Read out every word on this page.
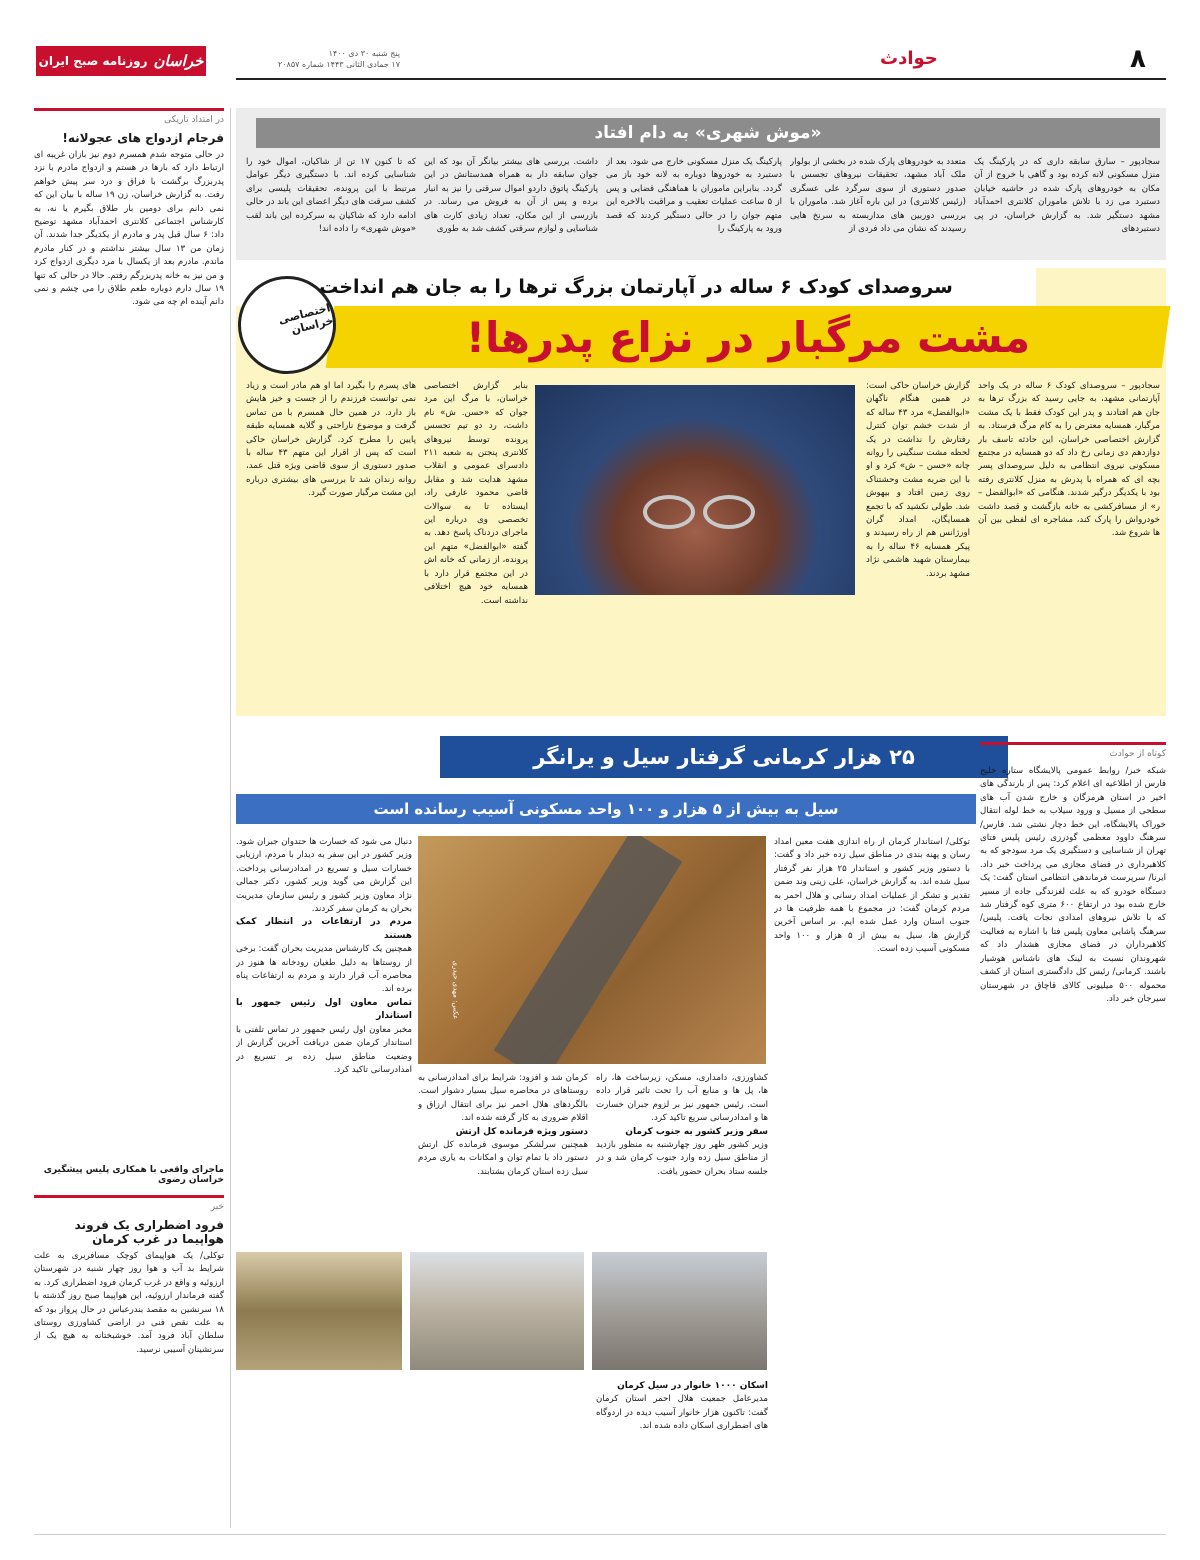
۸
حوادث
پنج شنبه ۳۰ دی ۱۴۰۰
۱۷ جمادی الثانی ۱۴۴۳ شماره ۲۰۸۵۷
خراسان
روزنامه صبح ایران
«موش شهری» به دام افتاد
سجادپور – سارق سابقه داری که در پارکینگ یک منزل مسکونی لانه کرده بود و گاهی با خروج از آن مکان به خودروهای پارک شده در حاشیه خیابان دستبرد می زد با تلاش ماموران کلانتری احمدآباد مشهد دستگیر شد. به گزارش خراسان، در پی دستبردهای
متعدد به خودروهای پارک شده در بخشی از بولوار ملک آباد مشهد، تحقیقات نیروهای تجسس با صدور دستوری از سوی سرگرد علی عسگری (رئیس کلانتری) در این باره آغاز شد. ماموران با بررسی دوربین های مداربسته به سرنخ هایی رسیدند که نشان می داد فردی از
پارکینگ یک منزل مسکونی خارج می شود. بعد از دستبرد به خودروها دوباره به لانه خود باز می گردد. بنابراین ماموران با هماهنگی قضایی و پس از ۵ ساعت عملیات تعقیب و مراقبت بالاخره این متهم جوان را در حالی دستگیر کردند که قصد ورود به پارکینگ را
داشت. بررسی های بیشتر بیانگر آن بود که این جوان سابقه دار به همراه همدستانش در این پارکینگ پاتوق داردو اموال سرقتی را نیز به انبار برده و پس از آن به فروش می رساند. در بازرسی از این مکان، تعداد زیادی کارت های شناسایی و لوازم سرقتی کشف شد به طوری
که تا کنون ۱۷ تن از شاکیان، اموال خود را شناسایی کرده اند. با دستگیری دیگر عوامل مرتبط با این پرونده، تحقیقات پلیسی برای کشف سرقت های دیگر اعضای این باند در حالی ادامه دارد که شاکیان به سرکرده این باند لقب «موش شهری» را داده اند!
سروصدای کودک ۶ ساله در آپارتمان بزرگ ترها را به جان هم انداخت
مشت مرگبار در نزاع پدرها!
اختصاصی خراسان
سجادپور – سروصدای کودک ۶ ساله در یک واحد آپارتمانی مشهد، به جایی رسید که بزرگ ترها به جان هم افتادند و پدر این کودک فقط با یک مشت مرگبار، همسایه معترض را به کام مرگ فرستاد. به گزارش اختصاصی خراسان، این حادثه تاسف بار دوازدهم دی زمانی رخ داد که دو همسایه در مجتمع مسکونی نیروی انتظامی به دلیل سروصدای پسر بچه ای که همراه با پدرش به منزل کلانتری رفته بود با یکدیگر درگیر شدند. هنگامی که «ابوالفضل – ر» از مسافرکشی به خانه بازگشت و قصد داشت خودرواش را پارک کند، مشاجره ای لفظی بین آن ها شروع شد.
گزارش خراسان حاکی است: در همین هنگام ناگهان «ابوالفضل» مرد ۴۳ ساله که از شدت خشم توان کنترل رفتارش را نداشت در یک لحظه مشت سنگینی را روانه چانه «حسن – ش» کرد و او با این ضربه مشت وحشتناک روی زمین افتاد و بیهوش شد. طولی نکشید که با تجمع همسایگان، امداد گران اورژانس هم از راه رسیدند و پیکر همسایه ۴۶ ساله را به بیمارستان شهید هاشمی نژاد مشهد بردند.
بنابر گزارش اختصاصی خراسان، با مرگ این مرد جوان که «حسن. ش» نام داشت، رد دو تیم تجسس پرونده توسط نیروهای کلانتری پنجتن به شعبه ۲۱۱ دادسرای عمومی و انقلاب مشهد هدایت شد و مقابل قاضی محمود عارفی راد، ایستاده تا به سوالات تخصصی وی درباره این ماجرای دردناک پاسخ دهد. به گفته «ابوالفضل» متهم این پرونده، از زمانی که خانه اش در این مجتمع قرار دارد با همسایه خود هیچ اختلافی نداشته است.
های پسرم را بگیرد اما او هم مادر است و زیاد نمی توانست فرزندم را از جست و خیز هایش باز دارد. در همین حال همسرم با من تماس گرفت و موضوع ناراحتی و گلایه همسایه طبقه پایین را مطرح کرد. گزارش خراسان حاکی است که پس از اقرار این متهم ۴۳ ساله با صدور دستوری از سوی قاضی ویژه قتل عمد، روانه زندان شد تا بررسی های بیشتری درباره این مشت مرگبار صورت گیرد.
۲۵ هزار کرمانی گرفتار سیل و یرانگر
سیل به بیش از ۵ هزار و ۱۰۰ واحد مسکونی آسیب رسانده است
عکس: مهدی حیدری
توکلی/ استاندار کرمان از راه اندازی هفت معین امداد رسان و پهنه بندی در مناطق سیل زده خبر داد و گفت: با دستور وزیر کشور و استاندار ۲۵ هزار نفر گرفتار سیل شده اند. به گزارش خراسان، علی زینی وند ضمن تقدیر و تشکر از عملیات امداد رسانی و هلال احمر به مردم کرمان گفت: در مجموع با همه ظرفیت ها در جنوب استان وارد عمل شده ایم. بر اساس آخرین گزارش ها، سیل به بیش از ۵ هزار و ۱۰۰ واحد مسکونی آسیب زده است.

دنبال می شود که خسارت ها حتدوان جبران شود. وزیر کشور در این سفر به دیدار با مردم، ارزیابی خسارات سیل و تسریع در امدادرسانی پرداخت. این گزارش می گوید وزیر کشور، دکتر جمالی نژاد معاون وزیر کشور و رئیس سازمان مدیریت بحران به کرمان سفر کردند.

مردم در ارتفاعات در انتظار کمک هستند

همچنین یک کارشناس مدیریت بحران گفت: برخی از روستاها به دلیل طغیان رودخانه ها هنوز در محاصره آب قرار دارند و مردم به ارتفاعات پناه برده اند.

تماس معاون اول رئیس جمهور با استاندار

مخبر معاون اول رئیس جمهور در تماس تلفنی با استاندار کرمان ضمن دریافت آخرین گزارش از وضعیت مناطق سیل زده بر تسریع در امدادرسانی تاکید کرد.

کشاورزی، دامداری، مسکن، زیرساخت ها، راه ها، پل ها و منابع آب را تحت تاثیر قرار داده است. رئیس جمهور نیز بر لزوم جبران خسارت ها و امدادرسانی سریع تاکید کرد.

سفر وزیر کشور به جنوب کرمان

وزیر کشور ظهر روز چهارشنبه به منظور بازدید از مناطق سیل زده وارد جنوب کرمان شد و در جلسه ستاد بحران حضور یافت.

کرمان شد و افزود: شرایط برای امدادرسانی به روستاهای در محاصره سیل بسیار دشوار است. بالگردهای هلال احمر نیز برای انتقال ارزاق و اقلام ضروری به کار گرفته شده اند.

دستور ویژه فرمانده کل ارتش

همچنین سرلشکر موسوی فرمانده کل ارتش دستور داد با تمام توان و امکانات به یاری مردم سیل زده استان کرمان بشتابند.

اسکان ۱۰۰۰ خانوار در سیل کرمان

مدیرعامل جمعیت هلال احمر استان کرمان گفت: تاکنون هزار خانوار آسیب دیده در اردوگاه های اضطراری اسکان داده شده اند.

در امتداد تاریکی
فرجام ازدواج های عجولانه!
در حالی متوجه شدم همسرم دوم نیز بازان غریبه ای ارتباط دارد که بارها در هستم و ازدواج مادرم با نزد پدربزرگ برگشت با فراق و درد سر پیش خواهم رفت. به گزارش خراسان، زن ۱۹ ساله با بیان این که نمی دانم برای دومین بار طلاق بگیرم یا نه، به کارشناس اجتماعی کلانتری احمدآباد مشهد توضیح داد: ۶ سال قبل پدر و مادرم از یکدیگر جدا شدند. آن زمان من ۱۳ سال بیشتر نداشتم و در کنار مادرم ماندم. مادرم بعد از یکسال با مرد دیگری ازدواج کرد و من نیز به خانه پدربزرگم رفتم. حالا در حالی که تنها ۱۹ سال دارم دوباره طعم طلاق را می چشم و نمی دانم آینده ام چه می شود.
ماجرای واقعی با همکاری پلیس پیشگیری خراسان رضوی
خبر
فرود اضطراری یک فروند هواپیما در غرب کرمان
توکلی/ یک هواپیمای کوچک مسافربری به علت شرایط بد آب و هوا روز چهار شنبه در شهرستان ارزوئیه و واقع در غرب کرمان فرود اضطراری کرد. به گفته فرماندار ارزوئیه، این هواپیما صبح روز گذشته با ۱۸ سرنشین به مقصد بندرعباس در حال پرواز بود که به علت نقص فنی در اراضی کشاورزی روستای سلطان آباد فرود آمد. خوشبختانه به هیچ یک از سرنشینان آسیبی نرسید.
کوتاه از حوادث
شبکه خبر/ روابط عمومی پالایشگاه ستاره خلیج فارس از اطلاعیه ای اعلام کرد: پس از بارندگی های اخیر در استان هرمزگان و خارج شدن آب های سطحی از مسیل و ورود سیلاب به خط لوله انتقال خوراک پالایشگاه، این خط دچار نشتی شد. فارس/ سرهنگ داوود معظمی گودرزی رئیس پلیس فتای تهران از شناسایی و دستگیری یک مرد سودجو که به کلاهبرداری در فضای مجازی می پرداخت خبر داد. ایرنا/ سرپرست فرماندهی انتظامی استان گفت: یک دستگاه خودرو که به علت لغزندگی جاده از مسیر خارج شده بود در ارتفاع ۶۰۰ متری کوه گرفتار شد که با تلاش نیروهای امدادی نجات یافت. پلیس/ سرهنگ پاشایی معاون پلیس فتا با اشاره به فعالیت کلاهبرداران در فضای مجازی هشدار داد که شهروندان نسبت به لینک های ناشناس هوشیار باشند. کرمانی/ رئیس کل دادگستری استان از کشف محموله ۵۰۰ میلیونی کالای قاچاق در شهرستان سیرجان خبر داد.
